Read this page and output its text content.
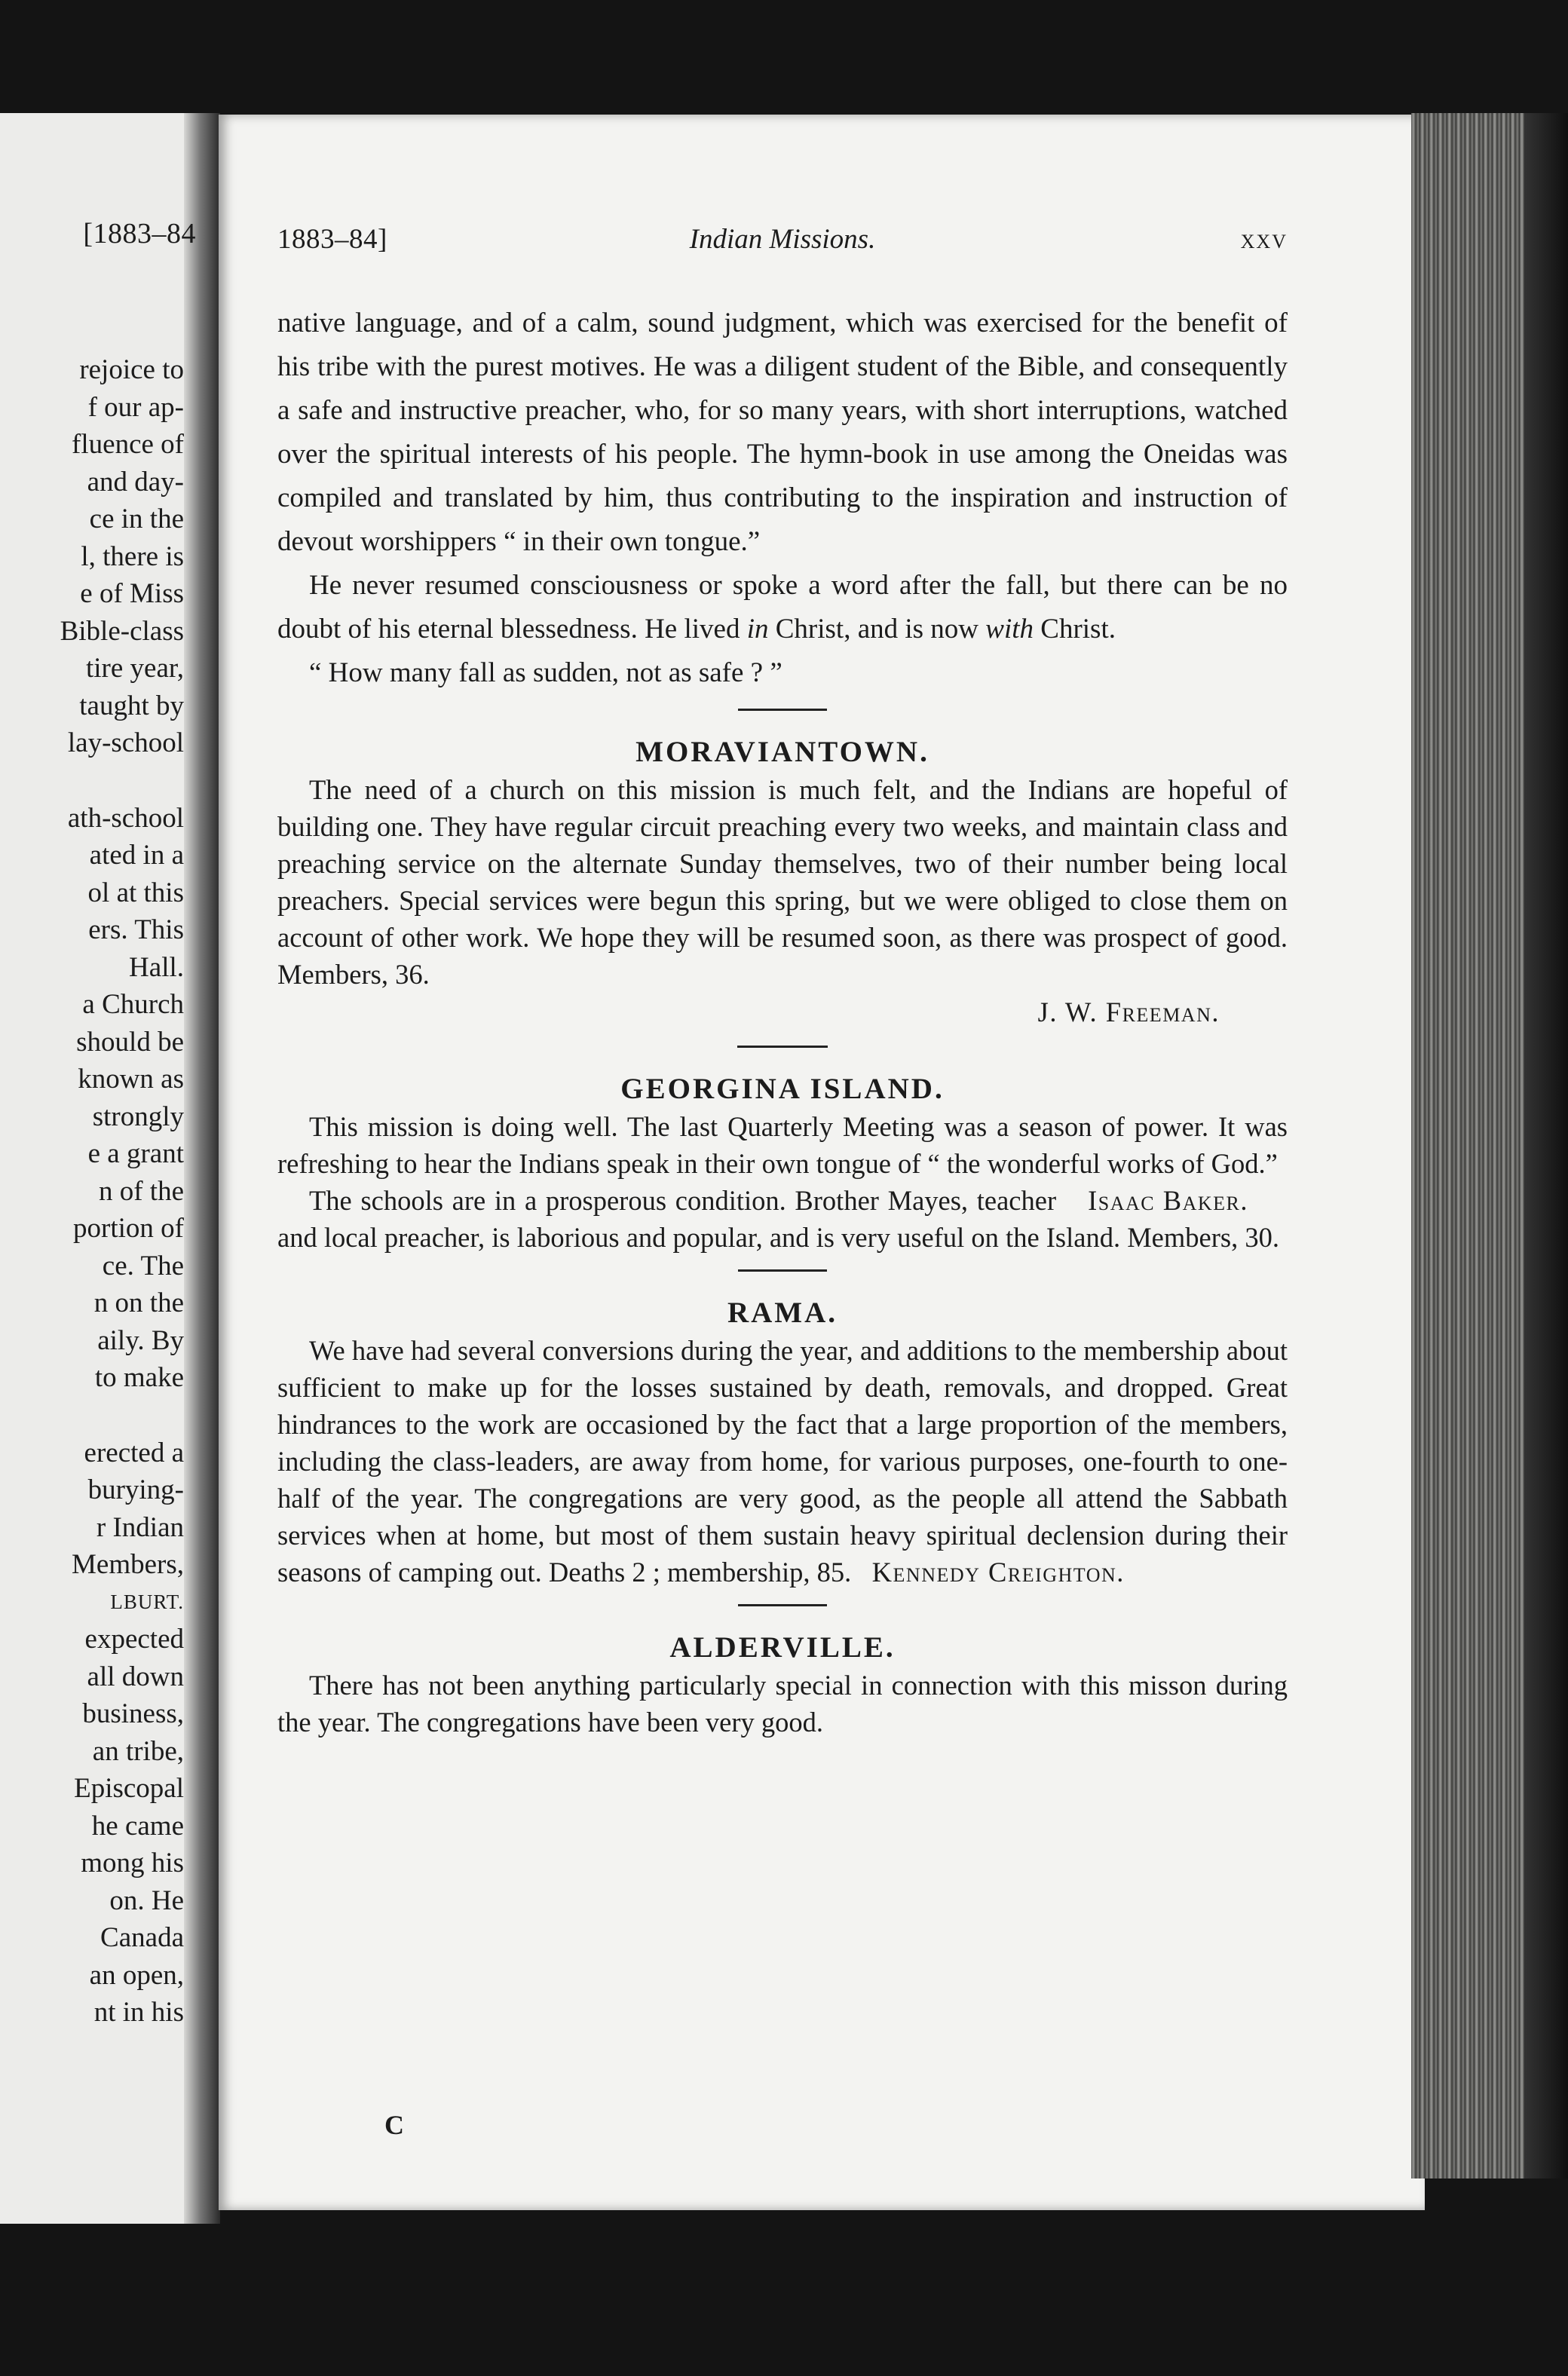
[1883–84
rejoice to
f our ap-
fluence of
and day-
ce in the
l, there is
e of Miss
Bible-class
tire year,
taught by
lay-school
ath-school
ated in a
ol at this
ers. This
Hall.
a Church
should be
known as
strongly
e a grant
n of the
portion of
ce. The
n on the
aily. By
to make
erected a
burying-
r Indian
Members,
LBURT.
expected
all down
business,
an tribe,
Episcopal
he came
mong his
on. He
Canada
an open,
nt in his
1883–84]	Indian Missions.	xxv

native language, and of a calm, sound judgment, which was exercised for the benefit of his tribe with the purest motives. He was a diligent student of the Bible, and consequently a safe and instructive preacher, who, for so many years, with short interruptions, watched over the spiritual interests of his people. The hymn-book in use among the Oneidas was compiled and translated by him, thus contributing to the inspiration and instruction of devout worshippers “ in their own tongue.”

He never resumed consciousness or spoke a word after the fall, but there can be no doubt of his eternal blessedness. He lived in Christ, and is now with Christ.

“ How many fall as sudden, not as safe ? ”

MORAVIANTOWN.

The need of a church on this mission is much felt, and the Indians are hopeful of building one. They have regular circuit preaching every two weeks, and maintain class and preaching service on the alternate Sunday themselves, two of their number being local preachers. Special services were begun this spring, but we were obliged to close them on account of other work. We hope they will be resumed soon, as there was prospect of good. Members, 36.

J. W. Freeman.

GEORGINA ISLAND.

This mission is doing well. The last Quarterly Meeting was a season of power. It was refreshing to hear the Indians speak in their own tongue of “ the wonderful works of God.”

Isaac Baker.
The schools are in a prosperous condition. Brother Mayes, teacher and local preacher, is laborious and popular, and is very useful on the Island. Members, 30.

RAMA.

We have had several conversions during the year, and additions to the membership about sufficient to make up for the losses sustained by death, removals, and dropped. Great hindrances to the work are occasioned by the fact that a large proportion of the members, including the class-leaders, are away from home, for various purposes, one-fourth to one-half of the year. The congregations are very good, as the people all attend the Sabbath services when at home, but most of them sustain heavy spiritual declension during their seasons of camping out. Deaths 2 ; membership, 85. Kennedy Creighton.

ALDERVILLE.

There has not been anything particularly special in connection with this misson during the year. The congregations have been very good.

C
